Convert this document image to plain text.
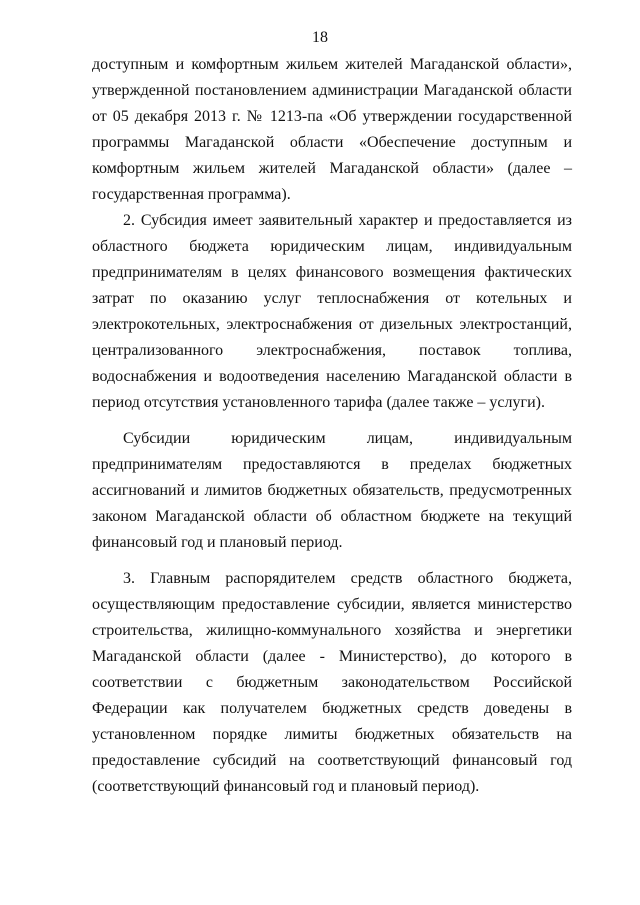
18

доступным и комфортным жильем жителей Магаданской области», утвержденной постановлением администрации Магаданской области от 05 декабря 2013 г. № 1213-па «Об утверждении государственной программы Магаданской области «Обеспечение доступным и комфортным жильем жителей Магаданской области» (далее – государственная программа).

2. Субсидия имеет заявительный характер и предоставляется из областного бюджета юридическим лицам, индивидуальным предпринимателям в целях финансового возмещения фактических затрат по оказанию услуг теплоснабжения от котельных и электрокотельных, электроснабжения от дизельных электростанций, централизованного электроснабжения, поставок топлива, водоснабжения и водоотведения населению Магаданской области в период отсутствия установленного тарифа (далее также – услуги).

Субсидии юридическим лицам, индивидуальным предпринимателям предоставляются в пределах бюджетных ассигнований и лимитов бюджетных обязательств, предусмотренных законом Магаданской области об областном бюджете на текущий финансовый год и плановый период.

3. Главным распорядителем средств областного бюджета, осуществляющим предоставление субсидии, является министерство строительства, жилищно-коммунального хозяйства и энергетики Магаданской области (далее - Министерство), до которого в соответствии с бюджетным законодательством Российской Федерации как получателем бюджетных средств доведены в установленном порядке лимиты бюджетных обязательств на предоставление субсидий на соответствующий финансовый год (соответствующий финансовый год и плановый период).
